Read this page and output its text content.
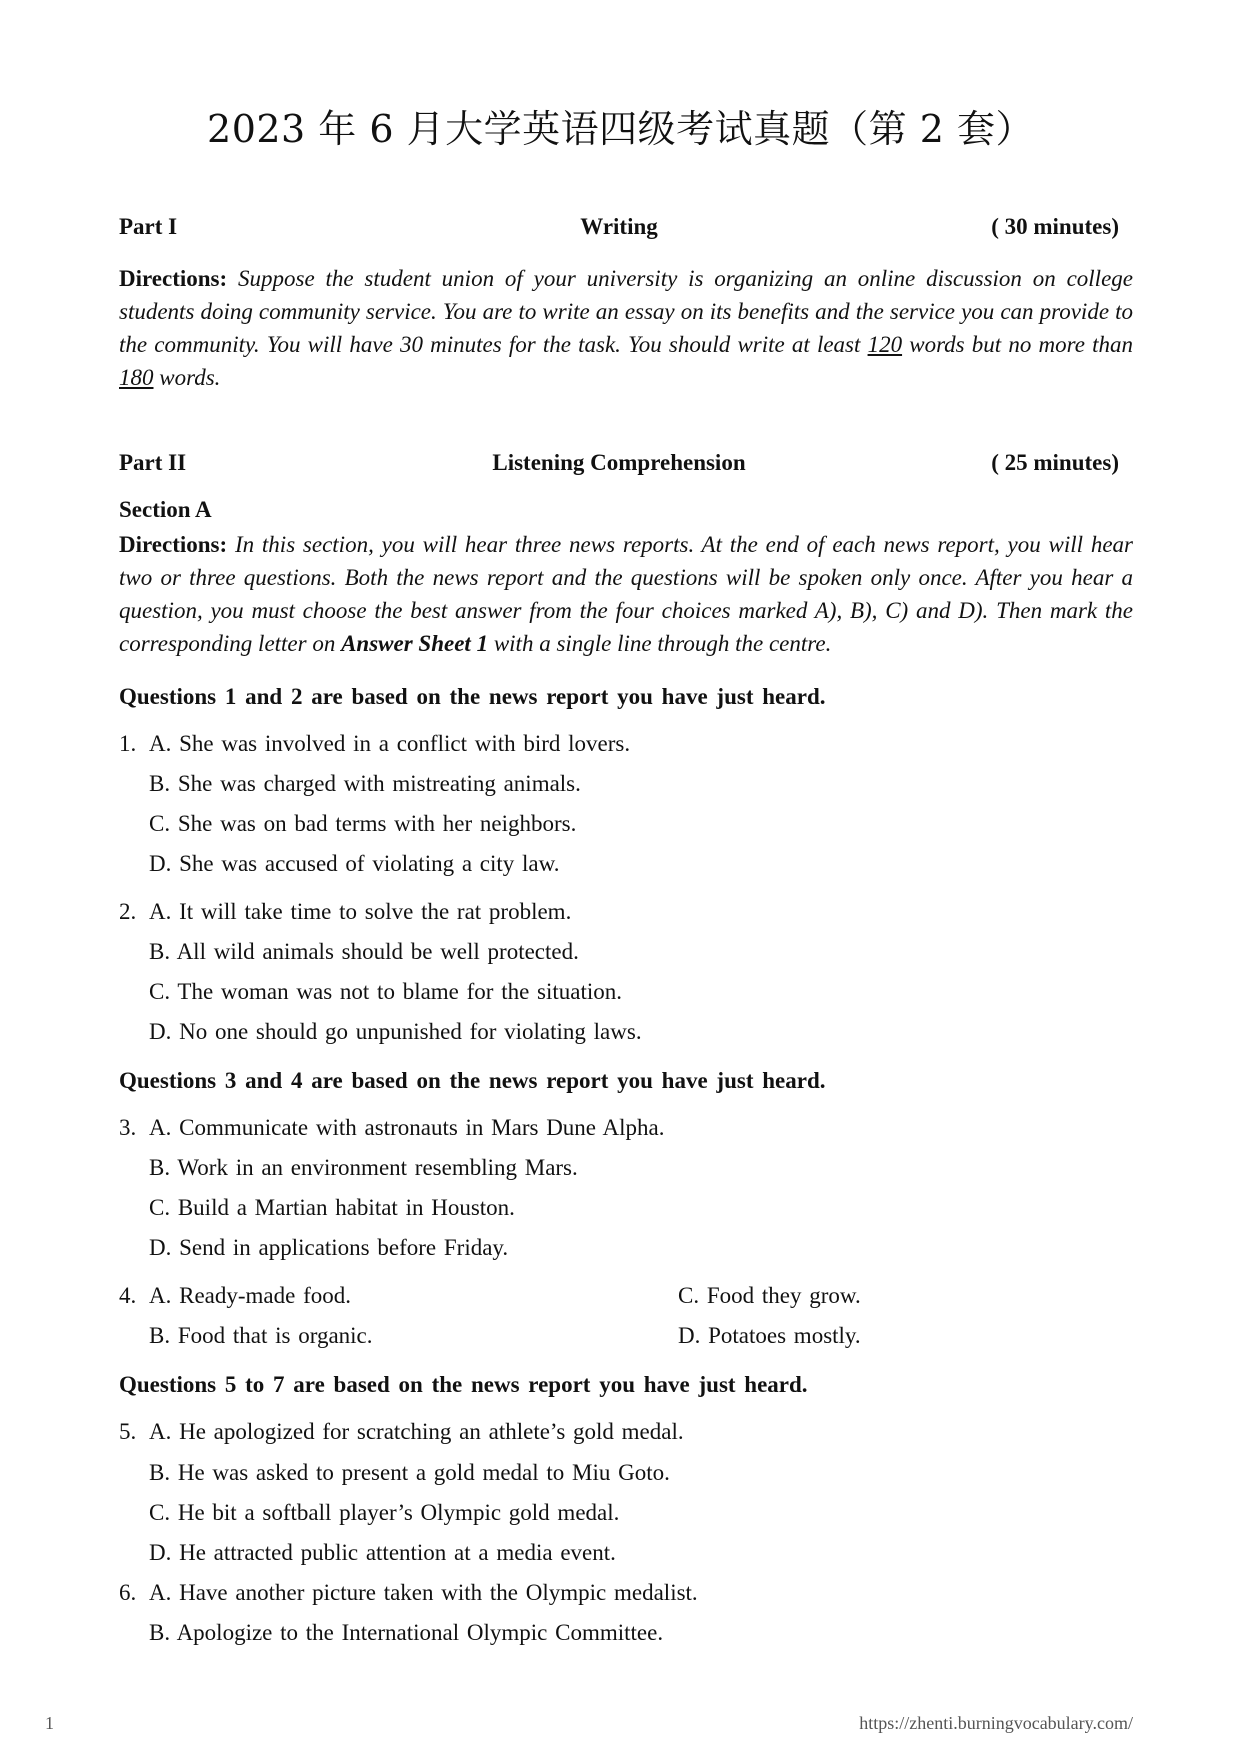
2023 年 6 月大学英语四级考试真题（第 2 套）
Part I	Writing	( 30 minutes)
Directions: Suppose the student union of your university is organizing an online discussion on college students doing community service. You are to write an essay on its benefits and the service you can provide to the community. You will have 30 minutes for the task. You should write at least 120 words but no more than 180 words.
Part II	Listening Comprehension	( 25 minutes)
Section A
Directions: In this section, you will hear three news reports. At the end of each news report, you will hear two or three questions. Both the news report and the questions will be spoken only once. After you hear a question, you must choose the best answer from the four choices marked A), B), C) and D). Then mark the corresponding letter on Answer Sheet 1 with a single line through the centre.
Questions 1 and 2 are based on the news report you have just heard.
1. A. She was involved in a conflict with bird lovers.
B. She was charged with mistreating animals.
C. She was on bad terms with her neighbors.
D. She was accused of violating a city law.
2. A. It will take time to solve the rat problem.
B. All wild animals should be well protected.
C. The woman was not to blame for the situation.
D. No one should go unpunished for violating laws.
Questions 3 and 4 are based on the news report you have just heard.
3. A. Communicate with astronauts in Mars Dune Alpha.
B. Work in an environment resembling Mars.
C. Build a Martian habitat in Houston.
D. Send in applications before Friday.
4. A. Ready-made food.	C. Food they grow.
B. Food that is organic.	D. Potatoes mostly.
Questions 5 to 7 are based on the news report you have just heard.
5. A. He apologized for scratching an athlete’s gold medal.
B. He was asked to present a gold medal to Miu Goto.
C. He bit a softball player’s Olympic gold medal.
D. He attracted public attention at a media event.
6. A. Have another picture taken with the Olympic medalist.
B. Apologize to the International Olympic Committee.
1	https://zhenti.burningvocabulary.com/
